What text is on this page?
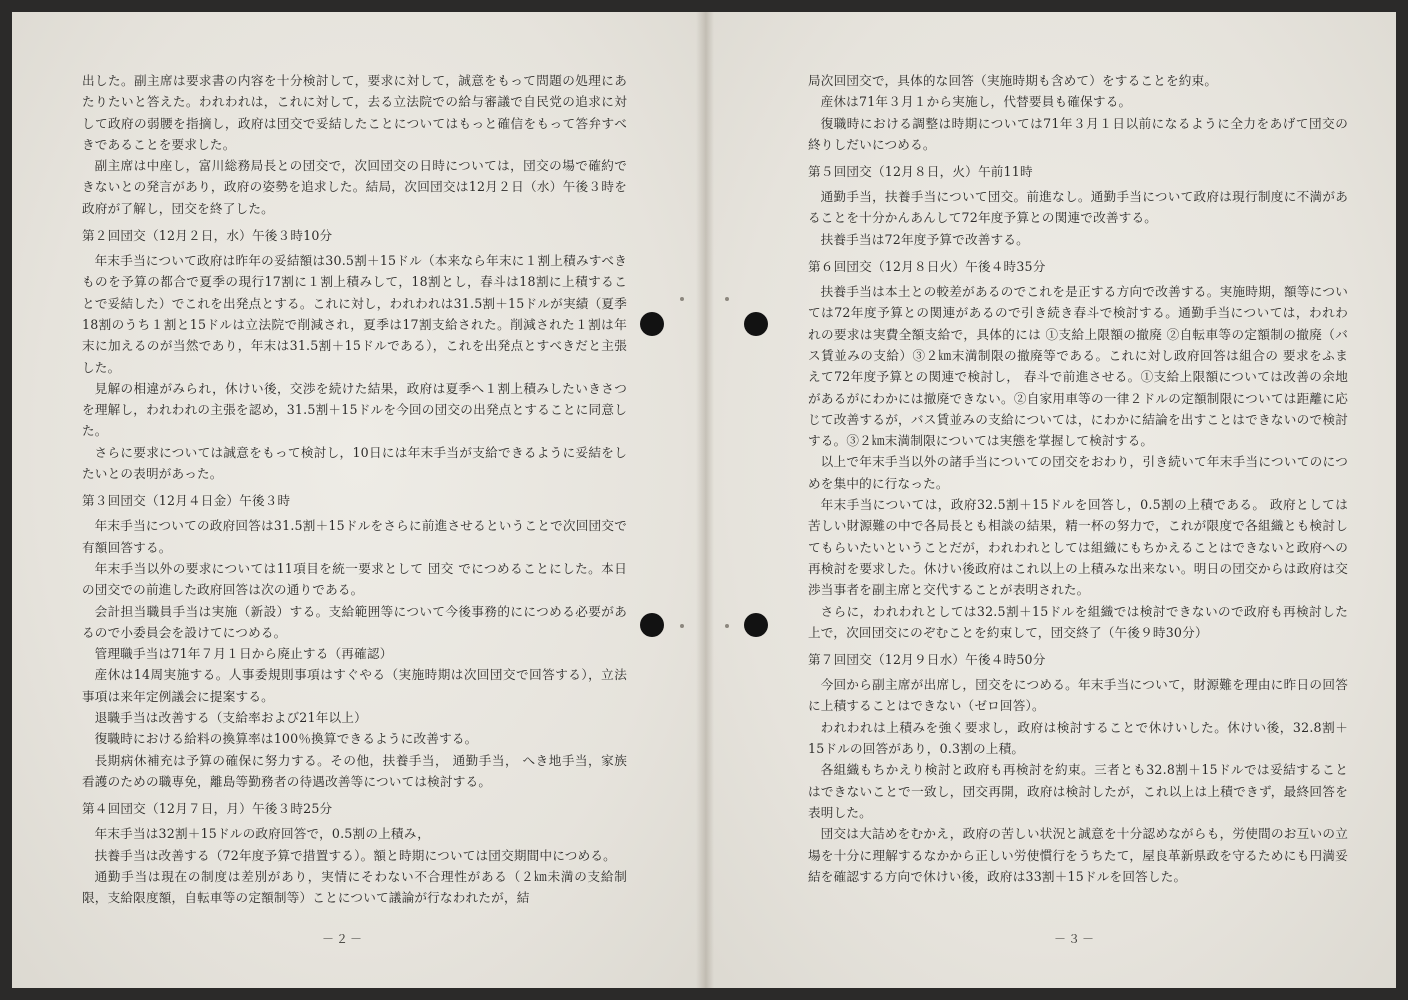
出した。副主席は要求書の内容を十分検討して，要求に対して，誠意をもって問題の処理にあたりたいと答えた。われわれは，これに対して，去る立法院での給与審議で自民党の追求に対して政府の弱腰を指摘し，政府は団交で妥結したことについてはもっと確信をもって答弁すべきであることを要求した。

副主席は中座し，富川総務局長との団交で，次回団交の日時については，団交の場で確約できないとの発言があり，政府の姿勢を追求した。結局，次回団交は12月２日（水）午後３時を政府が了解し，団交を終了した。

第２回団交（12月２日，水）午後３時10分

年末手当について政府は昨年の妥結額は30.5割＋15ドル（本来なら年末に１割上積みすべきものを予算の都合で夏季の現行17割に１割上積みして，18割とし，春斗は18割に上積することで妥結した）でこれを出発点とする。これに対し，われわれは31.5割＋15ドルが実績（夏季18割のうち１割と15ドルは立法院で削減され，夏季は17割支給された。削減された１割は年末に加えるのが当然であり，年末は31.5割＋15ドルである），これを出発点とすべきだと主張した。

見解の相違がみられ，休けい後，交渉を続けた結果，政府は夏季へ１割上積みしたいきさつを理解し，われわれの主張を認め，31.5割＋15ドルを今回の団交の出発点とすることに同意した。

さらに要求については誠意をもって検討し，10日には年末手当が支給できるように妥結をしたいとの表明があった。

第３回団交（12月４日金）午後３時

年末手当についての政府回答は31.5割＋15ドルをさらに前進させるということで次回団交で有額回答する。

年末手当以外の要求については11項目を統一要求として 団交 でにつめることにした。本日の団交での前進した政府回答は次の通りである。

会計担当職員手当は実施（新設）する。支給範囲等について今後事務的ににつめる必要があるので小委員会を設けてにつめる。

管理職手当は71年７月１日から廃止する（再確認）

産休は14周実施する。人事委規則事項はすぐやる（実施時期は次回団交で回答する），立法事項は来年定例議会に提案する。

退職手当は改善する（支給率および21年以上）

復職時における給料の換算率は100％換算できるように改善する。

長期病休補充は予算の確保に努力する。その他，扶養手当， 通勤手当， へき地手当，家族看護のための職専免，離島等勤務者の待遇改善等については検討する。

第４回団交（12月７日，月）午後３時25分

年末手当は32割＋15ドルの政府回答で，0.5割の上積み，

扶養手当は改善する（72年度予算で措置する）。額と時期については団交期間中につめる。

通勤手当は現在の制度は差別があり，実情にそわない不合理性がある（２㎞未満の支給制限，支給限度額，自転車等の定額制等）ことについて議論が行なわれたが，結

－２－	－３－

局次回団交で，具体的な回答（実施時期も含めて）をすることを約束。

産休は71年３月１から実施し，代替要員も確保する。

復職時における調整は時期については71年３月１日以前になるように全力をあげて団交の終りしだいにつめる。

第５回団交（12月８日，火）午前11時

通勤手当，扶養手当について団交。前進なし。通勤手当について政府は現行制度に不満があることを十分かんあんして72年度予算との関連で改善する。

扶養手当は72年度予算で改善する。

第６回団交（12月８日火）午後４時35分

扶養手当は本土との較差があるのでこれを是正する方向で改善する。実施時期，額等については72年度予算との関連があるので引き続き春斗で検討する。通勤手当については，われわれの要求は実費全額支給で，具体的には ①支給上限額の撤廃 ②自転車等の定額制の撤廃（バス賃並みの支給）③２㎞末満制限の撤廃等である。これに対し政府回答は組合の 要求をふまえて72年度予算との関連で検討し， 春斗で前進させる。①支給上限額については改善の余地があるがにわかには撤廃できない。②自家用車等の一律２ドルの定額制限については距離に応じて改善するが，バス賃並みの支給については，にわかに結論を出すことはできないので検討する。③２㎞末満制限については実態を掌握して検討する。

以上で年末手当以外の諸手当についての団交をおわり，引き続いて年末手当についてのにつめを集中的に行なった。

年末手当については，政府32.5割＋15ドルを回答し，0.5割の上積である。 政府としては苦しい財源難の中で各局長とも相談の結果，精一杯の努力で，これが限度で各組織とも検討してもらいたいということだが，われわれとしては組織にもちかえることはできないと政府への再検討を要求した。休けい後政府はこれ以上の上積みな出来ない。明日の団交からは政府は交渉当事者を副主席と交代することが表明された。

さらに，われわれとしては32.5割＋15ドルを組織では検討できないので政府も再検討した上で，次回団交にのぞむことを約束して，団交終了（午後９時30分）

第７回団交（12月９日水）午後４時50分

今回から副主席が出席し，団交をにつめる。年末手当について，財源難を理由に昨日の回答に上積することはできない（ゼロ回答）。

われわれは上積みを強く要求し，政府は検討することで休けいした。休けい後，32.8割＋15ドルの回答があり，0.3割の上積。

各組織もちかえり検討と政府も再検討を約束。三者とも32.8割＋15ドルでは妥結することはできないことで一致し，団交再開，政府は検討したが，これ以上は上積できず，最終回答を表明した。

団交は大詰めをむかえ，政府の苦しい状況と誠意を十分認めながらも，労使間のお互いの立場を十分に理解するなかから正しい労使慣行をうちたて，屋良革新県政を守るためにも円満妥結を確認する方向で休けい後，政府は33割＋15ドルを回答した。
